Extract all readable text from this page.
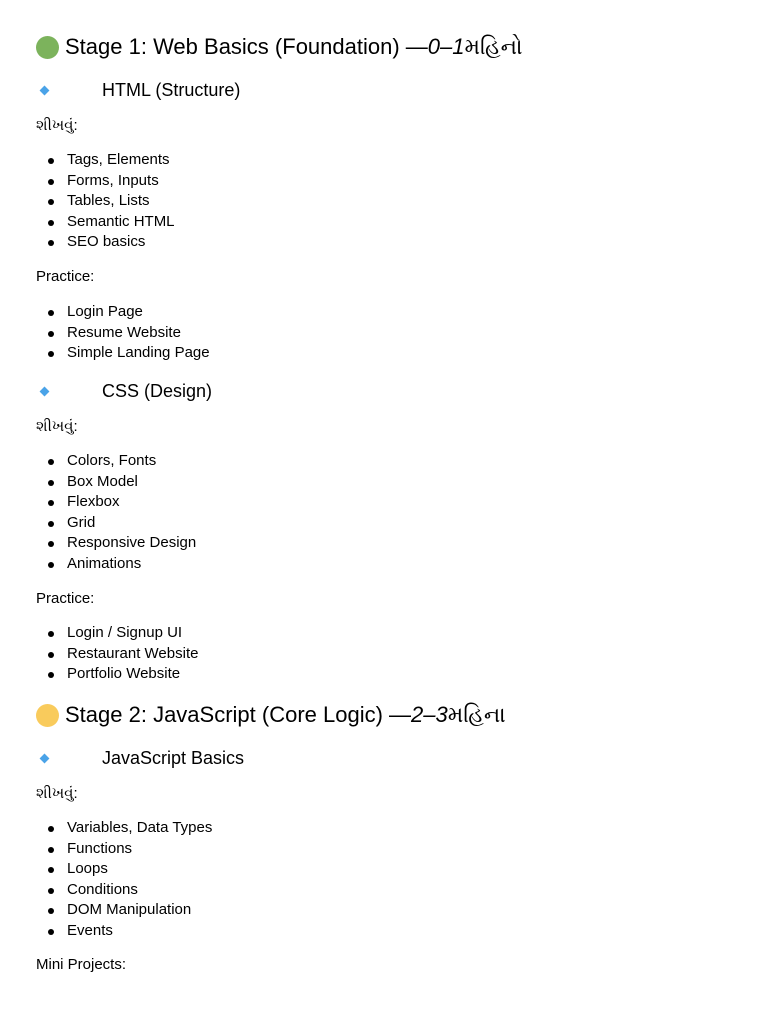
Stage 1: Web Basics (Foundation) — 0–1 મહિનો
HTML (Structure)
શીખવું:
Tags, Elements
Forms, Inputs
Tables, Lists
Semantic HTML
SEO basics
Practice:
Login Page
Resume Website
Simple Landing Page
CSS (Design)
શીખવું:
Colors, Fonts
Box Model
Flexbox
Grid
Responsive Design
Animations
Practice:
Login / Signup UI
Restaurant Website
Portfolio Website
Stage 2: JavaScript (Core Logic) — 2–3 મહિના
JavaScript Basics
શીખવું:
Variables, Data Types
Functions
Loops
Conditions
DOM Manipulation
Events
Mini Projects:
